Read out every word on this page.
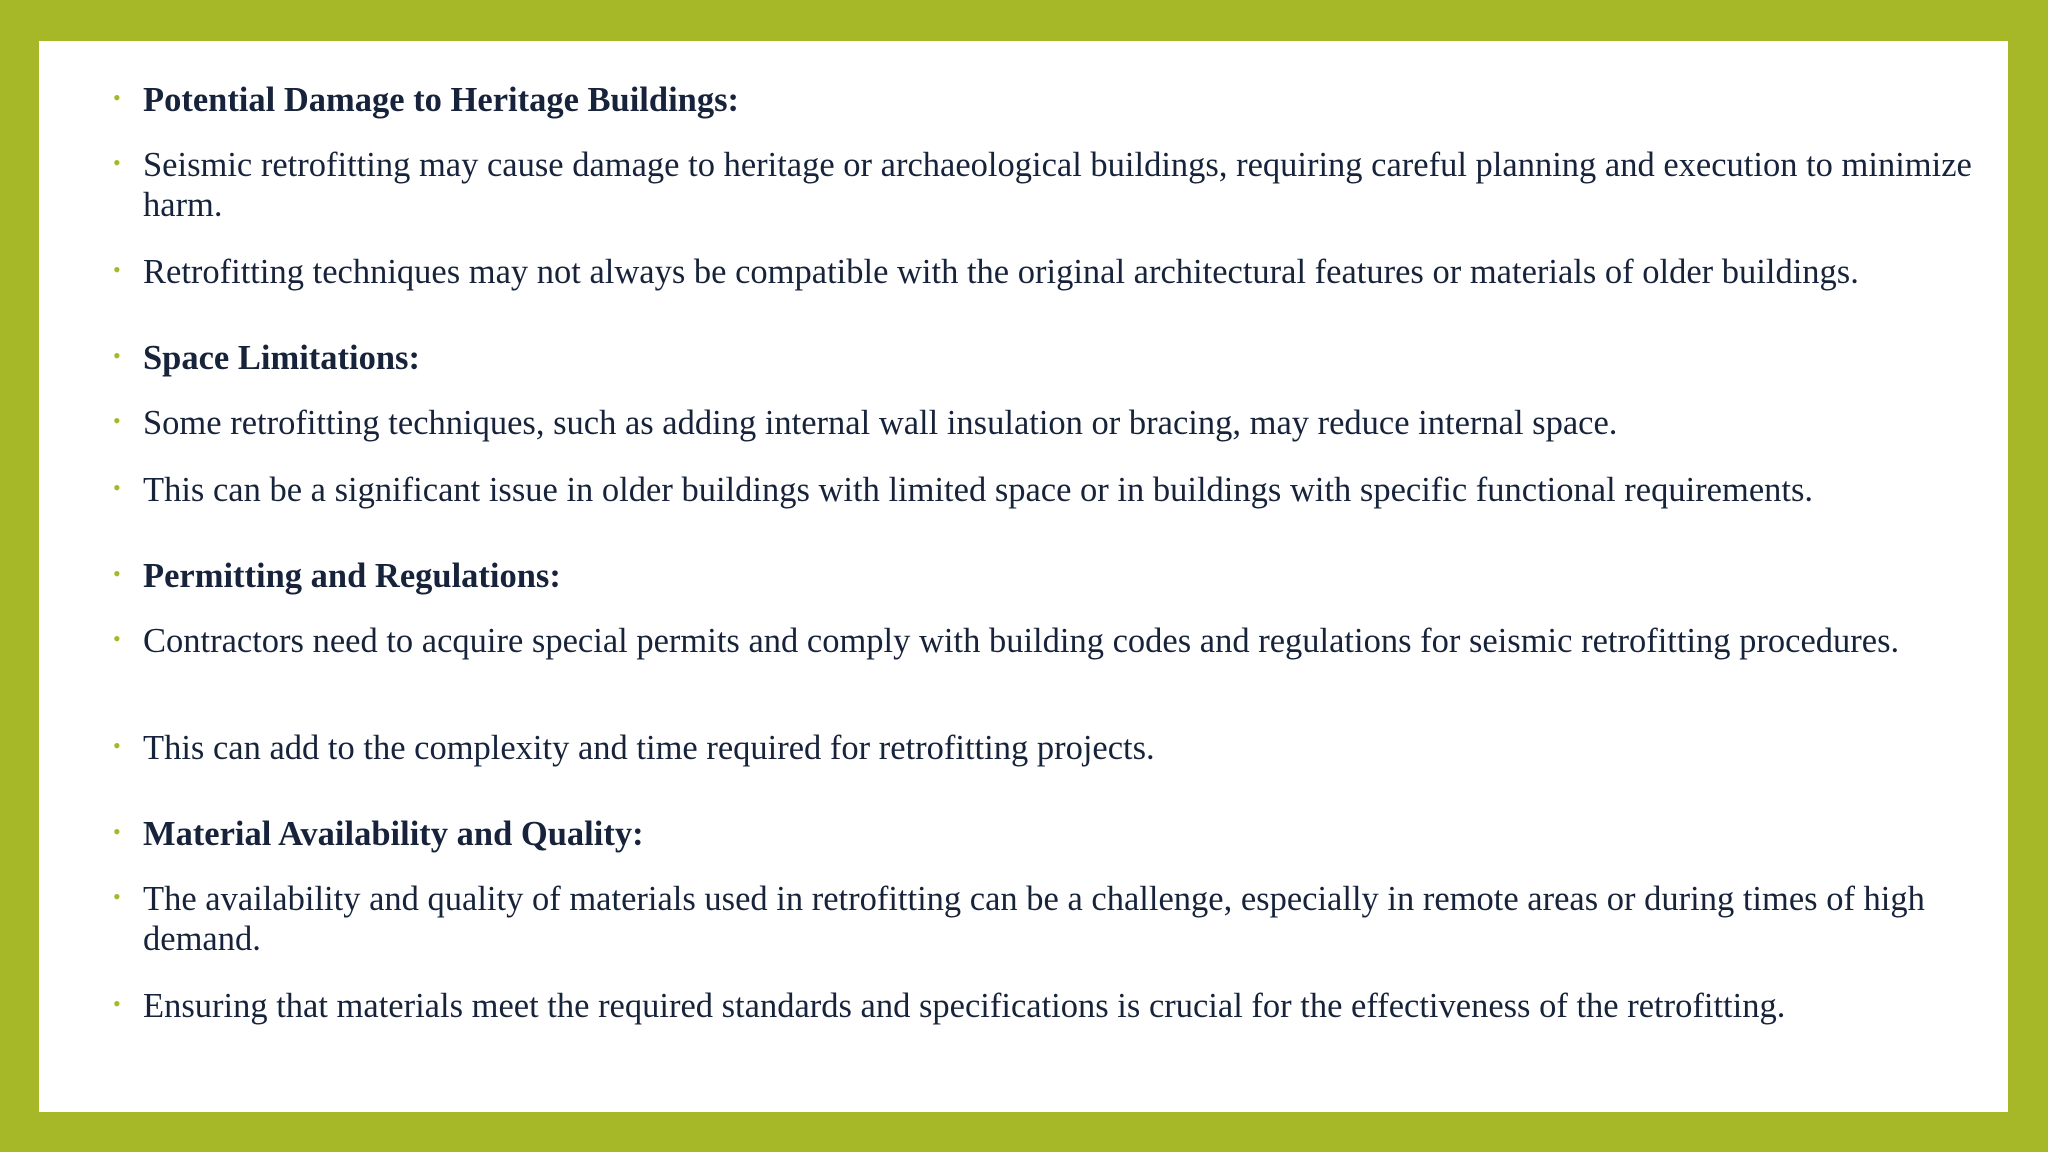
• Potential Damage to Heritage Buildings:
• Seismic retrofitting may cause damage to heritage or archaeological buildings, requiring careful planning and execution to minimize harm.
• Retrofitting techniques may not always be compatible with the original architectural features or materials of older buildings.
• Space Limitations:
• Some retrofitting techniques, such as adding internal wall insulation or bracing, may reduce internal space.
• This can be a significant issue in older buildings with limited space or in buildings with specific functional requirements.
• Permitting and Regulations:
• Contractors need to acquire special permits and comply with building codes and regulations for seismic retrofitting procedures.
• This can add to the complexity and time required for retrofitting projects.
• Material Availability and Quality:
• The availability and quality of materials used in retrofitting can be a challenge, especially in remote areas or during times of high demand.
• Ensuring that materials meet the required standards and specifications is crucial for the effectiveness of the retrofitting.
